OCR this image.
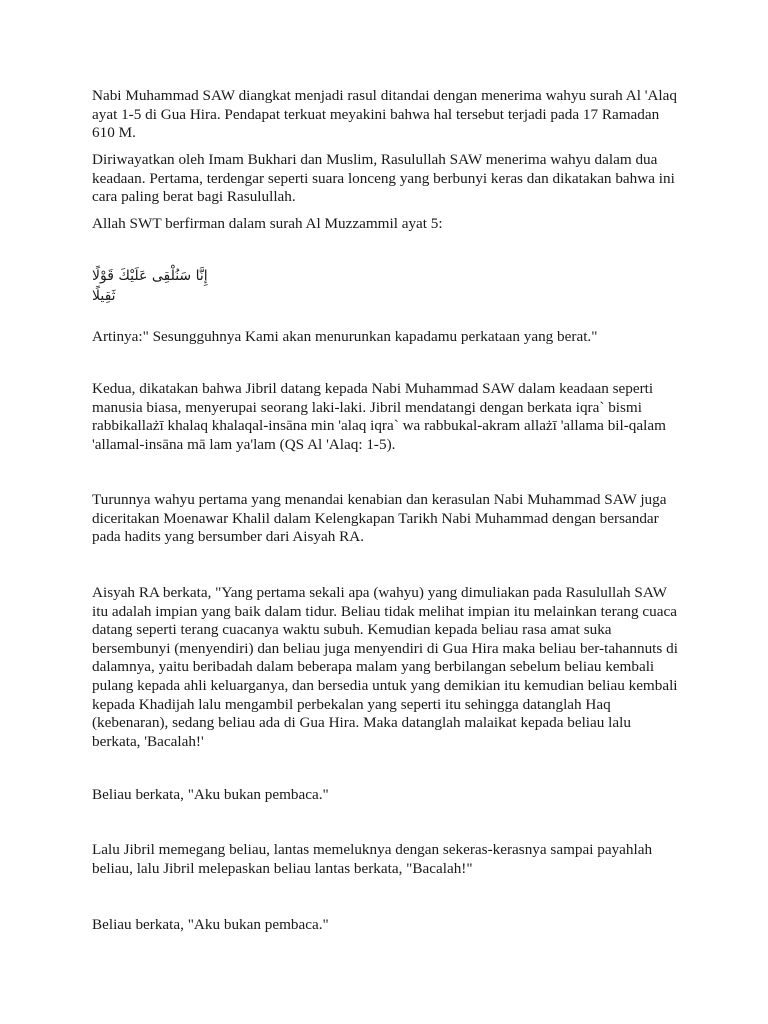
Nabi Muhammad SAW diangkat menjadi rasul ditandai dengan menerima wahyu surah Al 'Alaq ayat 1-5 di Gua Hira. Pendapat terkuat meyakini bahwa hal tersebut terjadi pada 17 Ramadan 610 M.

Diriwayatkan oleh Imam Bukhari dan Muslim, Rasulullah SAW menerima wahyu dalam dua keadaan. Pertama, terdengar seperti suara lonceng yang berbunyi keras dan dikatakan bahwa ini cara paling berat bagi Rasulullah.

Allah SWT berfirman dalam surah Al Muzzammil ayat 5:

إِنَّا سَنُلْقِى عَلَيْكَ قَوْلًا ثَقِيلًا

Artinya:" Sesungguhnya Kami akan menurunkan kapadamu perkataan yang berat."

Kedua, dikatakan bahwa Jibril datang kepada Nabi Muhammad SAW dalam keadaan seperti manusia biasa, menyerupai seorang laki-laki. Jibril mendatangi dengan berkata iqra` bismi rabbikallażī khalaq khalaqal-insāna min 'alaq iqra` wa rabbukal-akram allażī 'allama bil-qalam 'allamal-insāna mā lam ya'lam (QS Al 'Alaq: 1-5).

Turunnya wahyu pertama yang menandai kenabian dan kerasulan Nabi Muhammad SAW juga diceritakan Moenawar Khalil dalam Kelengkapan Tarikh Nabi Muhammad dengan bersandar pada hadits yang bersumber dari Aisyah RA.

Aisyah RA berkata, "Yang pertama sekali apa (wahyu) yang dimuliakan pada Rasulullah SAW itu adalah impian yang baik dalam tidur. Beliau tidak melihat impian itu melainkan terang cuaca datang seperti terang cuacanya waktu subuh. Kemudian kepada beliau rasa amat suka bersembunyi (menyendiri) dan beliau juga menyendiri di Gua Hira maka beliau ber-tahannuts di dalamnya, yaitu beribadah dalam beberapa malam yang berbilangan sebelum beliau kembali pulang kepada ahli keluarganya, dan bersedia untuk yang demikian itu kemudian beliau kembali kepada Khadijah lalu mengambil perbekalan yang seperti itu sehingga datanglah Haq (kebenaran), sedang beliau ada di Gua Hira. Maka datanglah malaikat kepada beliau lalu berkata, 'Bacalah!'

Beliau berkata, "Aku bukan pembaca."

Lalu Jibril memegang beliau, lantas memeluknya dengan sekeras-kerasnya sampai payahlah beliau, lalu Jibril melepaskan beliau lantas berkata, "Bacalah!"

Beliau berkata, "Aku bukan pembaca."
